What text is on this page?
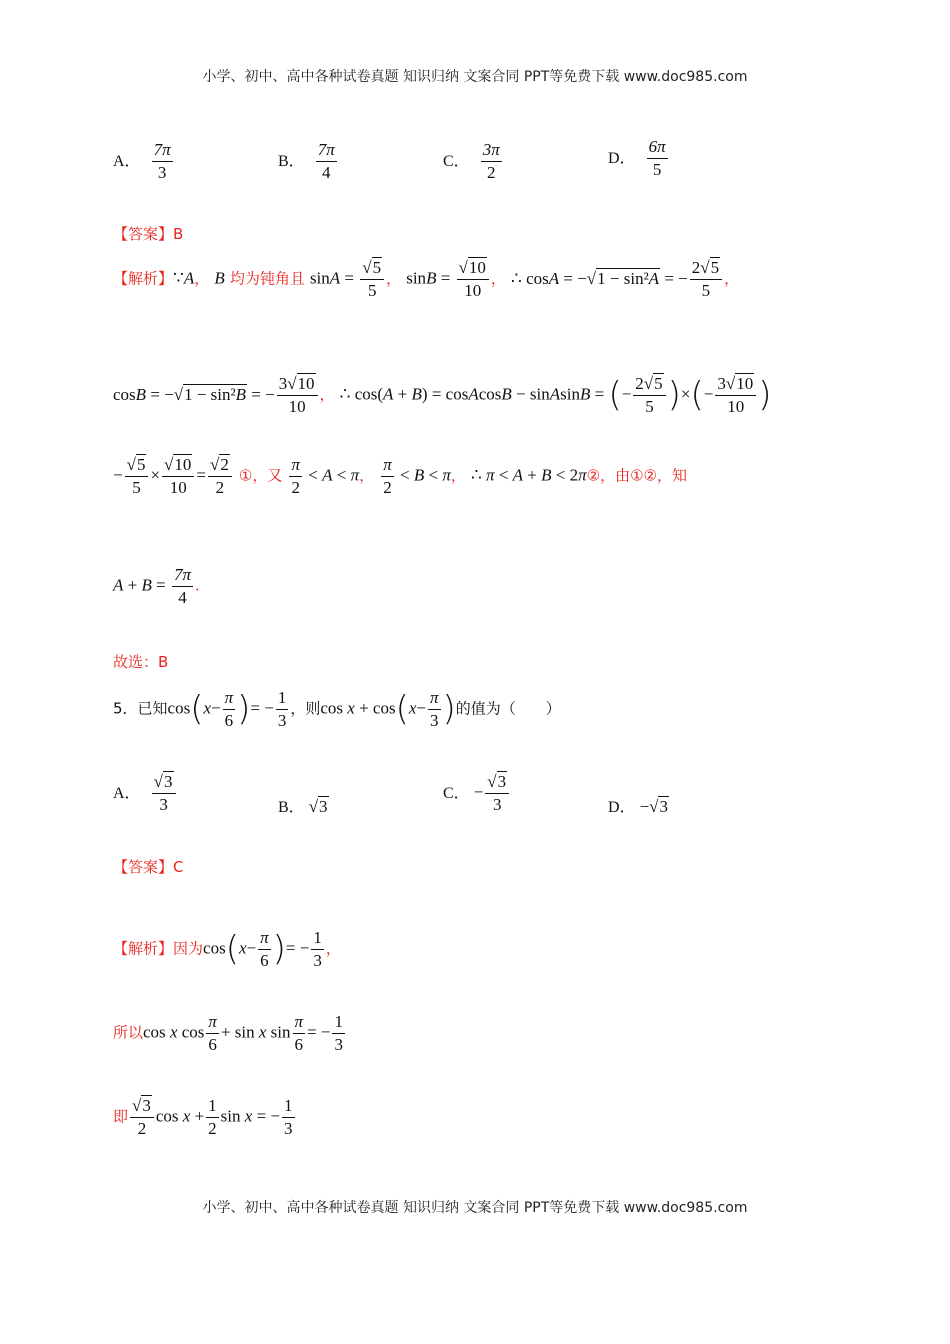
小学、初中、高中各种试卷真题 知识归纳 文案合同 PPT等免费下载 www.doc985.com
A． $\frac{7\pi}{3}$	B． $\frac{7\pi}{4}$	C． $\frac{3\pi}{2}$	D． $\frac{6\pi}{5}$
【答案】B
【解析】∵A， B 均为钝角且 $\sin A = \frac{√5}{5}$ ， $\sin B = \frac{√10}{10}$ ， ∴ cosA = −√1 − sin²A = − $\frac{2√5}{5}$ ，
cosB = −√1 − sin²B = − $\frac{3√10}{10}$ ， ∴ cos(A + B) = cosAcosB − sinAsinB = (− $\frac{2√5}{5}$ )×(− $\frac{3√10}{10}$ )
− $\frac{√5}{5} \times \frac{√10}{10} = \frac{√2}{2}$ ①，又 $\frac{\pi}{2} < A < \pi$， $\frac{\pi}{2} < B < \pi$， ∴ π < A + B < 2π②，由①②，知
$A + B = \frac{7\pi}{4}$ .
故选：B
5．已知$\cos(x- \frac{\pi}{6}$ )= − $\frac{1}{3}$ ，则$\cos x + \cos(x- \frac{\pi}{3}$ )的值为（　　）
A． $\frac{√3}{3}$	B． √3
C． − $\frac{√3}{3}$	D． −√3
【答案】C
【解析】因为$\cos(x- \frac{\pi}{6}$ )= − $\frac{1}{3}$ ，
所以cos x $\cos \frac{\pi}{6} + \sin x$ $\sin \frac{\pi}{6}$ = − $\frac{1}{3}$
即 $\frac{√3}{2}$ $\cos x + \frac{1}{2}$ sin x = − $\frac{1}{3}$
小学、初中、高中各种试卷真题 知识归纳 文案合同 PPT等免费下载 www.doc985.com
